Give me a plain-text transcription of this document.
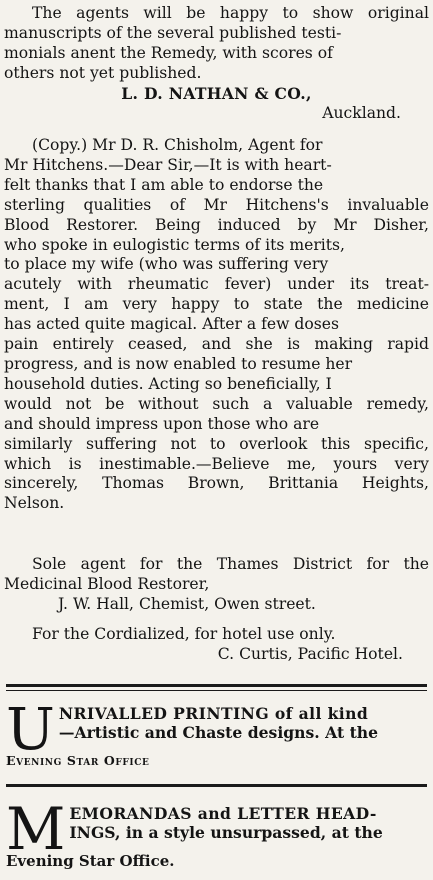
The agents will be happy to show original
manuscripts of the several published testi-
monials anent the Remedy, with scores of
others not yet published.
L. D. NATHAN & CO.,
Auckland.
(Copy.) Mr D. R. Chisholm, Agent for
Mr Hitchens.—Dear Sir,—It is with heart-
felt thanks that I am able to endorse the
sterling qualities of Mr Hitchens's invaluable
Blood Restorer. Being induced by Mr Disher,
who spoke in eulogistic terms of its merits,
to place my wife (who was suffering very
acutely with rheumatic fever) under its treat-
ment, I am very happy to state the medicine
has acted quite magical. After a few doses
pain entirely ceased, and she is making rapid
progress, and is now enabled to resume her
household duties. Acting so beneficially, I
would not be without such a valuable remedy,
and should impress upon those who are
similarly suffering not to overlook this specific,
which is inestimable.—Believe me, yours very
sincerely, Thomas Brown, Brittania Heights,
Nelson.
Sole agent for the Thames District for the
Medicinal Blood Restorer,
J. W. Hall, Chemist, Owen street.
For the Cordialized, for hotel use only.
C. Curtis, Pacific Hotel.
U NRIVALLED PRINTING of all kind
—Artistic and Chaste designs. At the
Evening Star Office
M EMORANDAS and LETTER HEAD-
INGS, in a style unsurpassed, at the
Evening Star Office.
